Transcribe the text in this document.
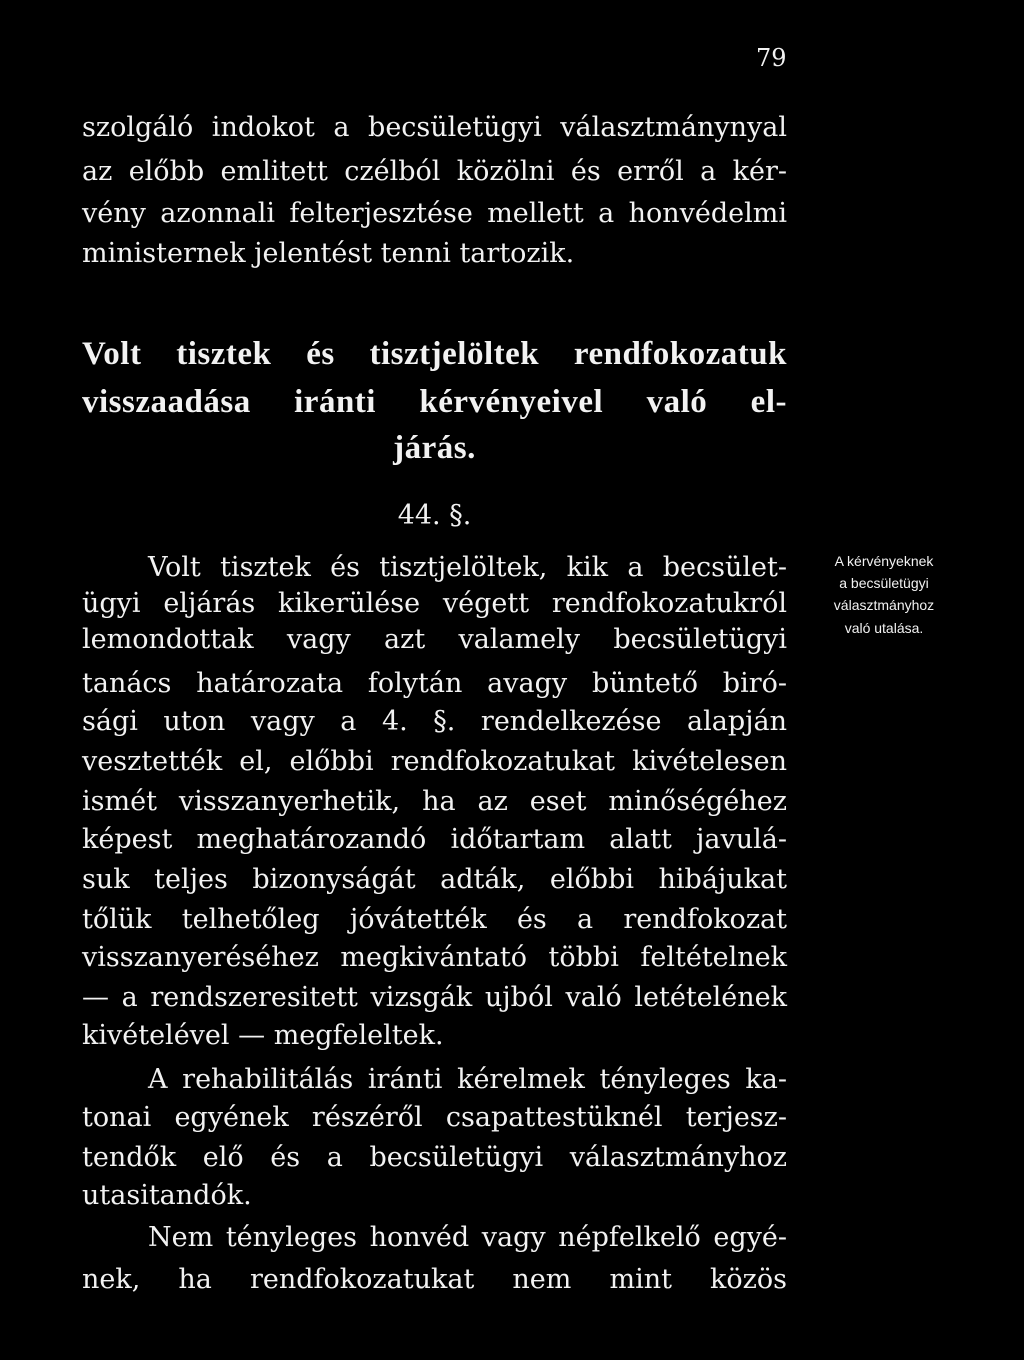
79
szolgáló indokot a becsületügyi választmánynyal
az előbb emlitett czélból közölni és erről a kér-
vény azonnali felterjesztése mellett a honvédelmi
ministernek jelentést tenni tartozik.
Volt tisztek és tisztjelöltek rendfokozatuk
visszaadása iránti kérvényeivel való el-
járás.
44. §.
Volt tisztek és tisztjelöltek, kik a becsület-
ügyi eljárás kikerülése végett rendfokozatukról
lemondottak vagy azt valamely becsületügyi
tanács határozata folytán avagy büntető biró-
sági uton vagy a 4. §. rendelkezése alapján
vesztették el, előbbi rendfokozatukat kivételesen
ismét visszanyerhetik, ha az eset minőségéhez
képest meghatározandó időtartam alatt javulá-
suk teljes bizonyságát adták, előbbi hibájukat
tőlük telhetőleg jóvátették és a rendfokozat
visszanyeréséhez megkivántató többi feltételnek
— a rendszeresitett vizsgák ujból való letételének
kivételével — megfeleltek.
A rehabilitálás iránti kérelmek tényleges ka-
tonai egyének részéről csapattestüknél terjesz-
tendők elő és a becsületügyi választmányhoz
utasitandók.
Nem tényleges honvéd vagy népfelkelő egyé-
nek, ha rendfokozatukat nem mint közös
A kérvényeknek
a becsületügyi
választmányhoz
való utalása.
